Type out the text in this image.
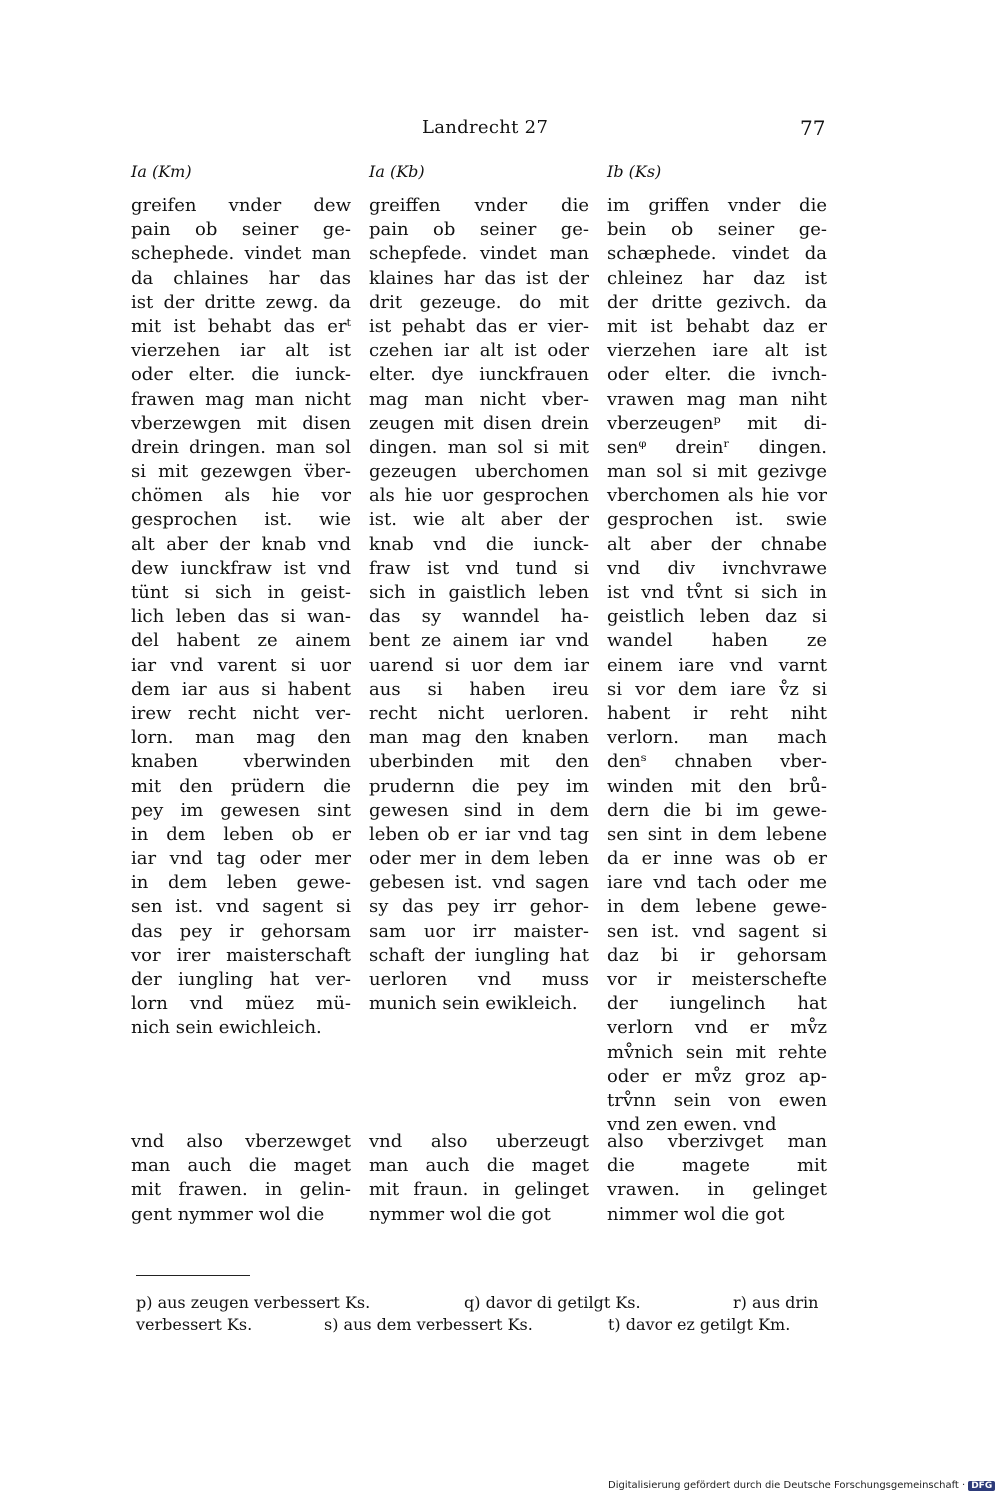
Landrecht 27	77
Ia (Km)	Ia (Kb)	Ib (Ks)
greifen vnder dew
pain ob seiner ge-
schephede. vindet man
da chlaines har das
ist der dritte zewg. da
mit ist behabt das erᵗ
vierzehen iar alt ist
oder elter. die iunck-
frawen mag man nicht
vberzewgen mit disen
drein dringen. man sol
si mit gezewgen v̈ber-
chömen als hie vor
gesprochen ist. wie
alt aber der knab vnd
dew iunckfraw ist vnd
tünt si sich in geist-
lich leben das si wan-
del habent ze ainem
iar vnd varent si uor
dem iar aus si habent
irew recht nicht ver-
lorn. man mag den
knaben vberwinden
mit den prüdern die
pey im gewesen sint
in dem leben ob er
iar vnd tag oder mer
in dem leben gewe-
sen ist. vnd sagent si
das pey ir gehorsam
vor irer maisterschaft
der iungling hat ver-
lorn vnd müez mü-
nich sein ewichleich.
greiffen vnder die
pain ob seiner ge-
schepfede. vindet man
klaines har das ist der
drit gezeuge. do mit
ist pehabt das er vier-
czehen iar alt ist oder
elter. dye iunckfrauen
mag man nicht vber-
zeugen mit disen drein
dingen. man sol si mit
gezeugen uberchomen
als hie uor gesprochen
ist. wie alt aber der
knab vnd die iunck-
fraw ist vnd tund si
sich in gaistlich leben
das sy wanndel ha-
bent ze ainem iar vnd
uarend si uor dem iar
aus si haben ireu
recht nicht uerloren.
man mag den knaben
uberbinden mit den
prudernn die pey im
gewesen sind in dem
leben ob er iar vnd tag
oder mer in dem leben
gebesen ist. vnd sagen
sy das pey irr gehor-
sam uor irr maister-
schaft der iungling hat
uerloren vnd muss
munich sein ewikleich.
im griffen vnder die
bein ob seiner ge-
schæphede. vindet da
chleinez har daz ist
der dritte gezivch. da
mit ist behabt daz er
vierzehen iare alt ist
oder elter. die ivnch-
vrawen mag man niht
vberzeugenᵖ mit di-
senᵠ dreinʳ dingen.
man sol si mit gezivge
vberchomen als hie vor
gesprochen ist. swie
alt aber der chnabe
vnd div ivnchvrawe
ist vnd tv̊nt si sich in
geistlich leben daz si
wandel haben ze
einem iare vnd varnt
si vor dem iare v̊z si
habent ir reht niht
verlorn. man mach
denˢ chnaben vber-
winden mit den brů-
dern die bi im gewe-
sen sint in dem lebene
da er inne was ob er
iare vnd tach oder me
in dem lebene gewe-
sen ist. vnd sagent si
daz bi ir gehorsam
vor ir meisterschefte
der iungelinch hat
verlorn vnd er mv̊z
mv̊nich sein mit rehte
oder er mv̊z groz ap-
trv̊nn sein von ewen
vnd zen ewen. vnd
vnd also vberzewget
man auch die maget
mit frawen. in gelin-
gent nymmer wol die
vnd also uberzeugt
man auch die maget
mit fraun. in gelinget
nymmer wol die got
also vberzivget man
die magete mit
vrawen. in gelinget
nimmer wol die got
p) aus zeugen verbessert Ks.	q) davor di getilgt Ks.	r) aus drin
verbessert Ks.	s) aus dem verbessert Ks.	t) davor ez getilgt Km.
Digitalisierung gefördert durch die Deutsche Forschungsgemeinschaft · DFG
